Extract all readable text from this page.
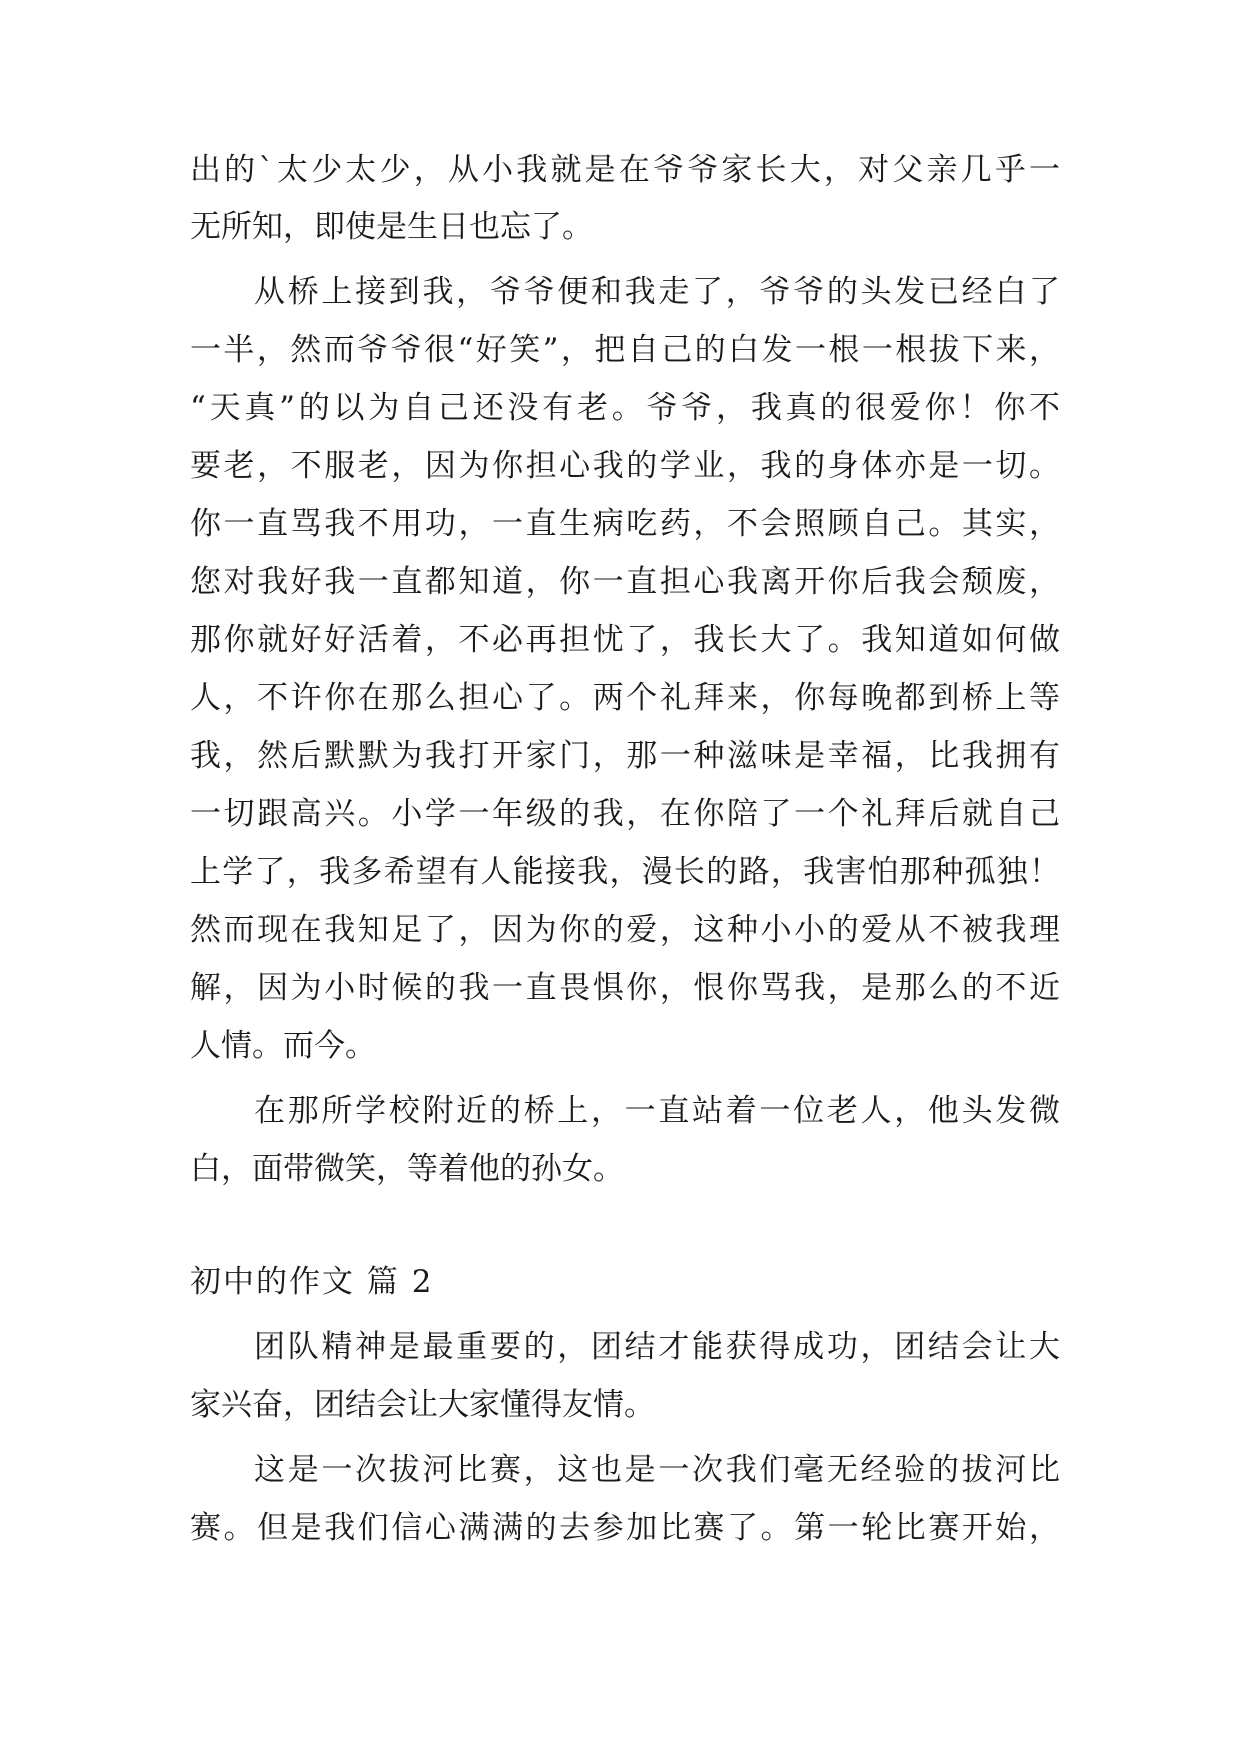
出的`太少太少，从小我就是在爷爷家长大，对父亲几乎一
无所知，即使是生日也忘了。
从桥上接到我，爷爷便和我走了，爷爷的头发已经白了
一半，然而爷爷很“好笑”，把自己的白发一根一根拔下来，
“天真”的以为自己还没有老。爷爷，我真的很爱你！你不
要老，不服老，因为你担心我的学业，我的身体亦是一切。
你一直骂我不用功，一直生病吃药，不会照顾自己。其实，
您对我好我一直都知道，你一直担心我离开你后我会颓废，
那你就好好活着，不必再担忧了，我长大了。我知道如何做
人，不许你在那么担心了。两个礼拜来，你每晚都到桥上等
我，然后默默为我打开家门，那一种滋味是幸福，比我拥有
一切跟高兴。小学一年级的我，在你陪了一个礼拜后就自己
上学了，我多希望有人能接我，漫长的路，我害怕那种孤独！
然而现在我知足了，因为你的爱，这种小小的爱从不被我理
解，因为小时候的我一直畏惧你，恨你骂我，是那么的不近
人情。而今。
在那所学校附近的桥上，一直站着一位老人，他头发微
白，面带微笑，等着他的孙女。
初中的作文 篇 2
团队精神是最重要的，团结才能获得成功，团结会让大
家兴奋，团结会让大家懂得友情。
这是一次拔河比赛，这也是一次我们毫无经验的拔河比
赛。但是我们信心满满的去参加比赛了。第一轮比赛开始，
